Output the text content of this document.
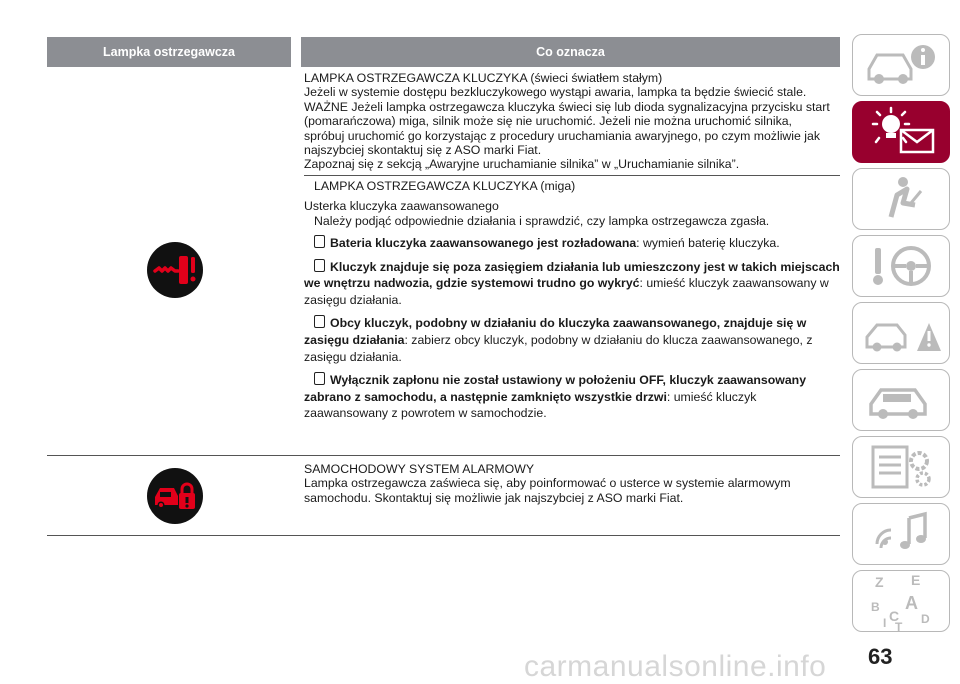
Lampka ostrzegawcza	Co oznacza

LAMPKA OSTRZEGAWCZA KLUCZYKA (świeci światłem stałym)

Jeżeli w systemie dostępu bezkluczykowego wystąpi awaria, lampka ta będzie świecić stale.

WAŻNE Jeżeli lampka ostrzegawcza kluczyka świeci się lub dioda sygnalizacyjna przycisku start

(pomarańczowa) miga, silnik może się nie uruchomić. Jeżeli nie można uruchomić silnika,

spróbuj uruchomić go korzystając z procedury uruchamiania awaryjnego, po czym możliwie jak

najszybciej skontaktuj się z ASO marki Fiat.

Zapoznaj się z sekcją „Awaryjne uruchamianie silnika” w „Uruchamianie silnika”.

LAMPKA OSTRZEGAWCZA KLUCZYKA (miga)

Usterka kluczyka zaawansowanego

Należy podjąć odpowiednie działania i sprawdzić, czy lampka ostrzegawcza zgasła.

Bateria kluczyka zaawansowanego jest rozładowana: wymień baterię kluczyka.

Kluczyk znajduje się poza zasięgiem działania lub umieszczony jest w takich miejscach we wnętrzu nadwozia, gdzie systemowi trudno go wykryć: umieść kluczyk zaawansowany w zasięgu działania.

Obcy kluczyk, podobny w działaniu do kluczyka zaawansowanego, znajduje się w zasięgu działania: zabierz obcy kluczyk, podobny w działaniu do klucza zaawansowanego, z zasięgu działania.

Wyłącznik zapłonu nie został ustawiony w położeniu OFF, kluczyk zaawansowany zabrano z samochodu, a następnie zamknięto wszystkie drzwi: umieść kluczyk zaawansowany z powrotem w samochodzie.

SAMOCHODOWY SYSTEM ALARMOWY

Lampka ostrzegawcza zaświeca się, aby poinformować o usterce w systemie alarmowym

samochodu. Skontaktuj się możliwie jak najszybciej z ASO marki Fiat.

Z E
B A
C D
T
I
63
carmanualsonline.info
